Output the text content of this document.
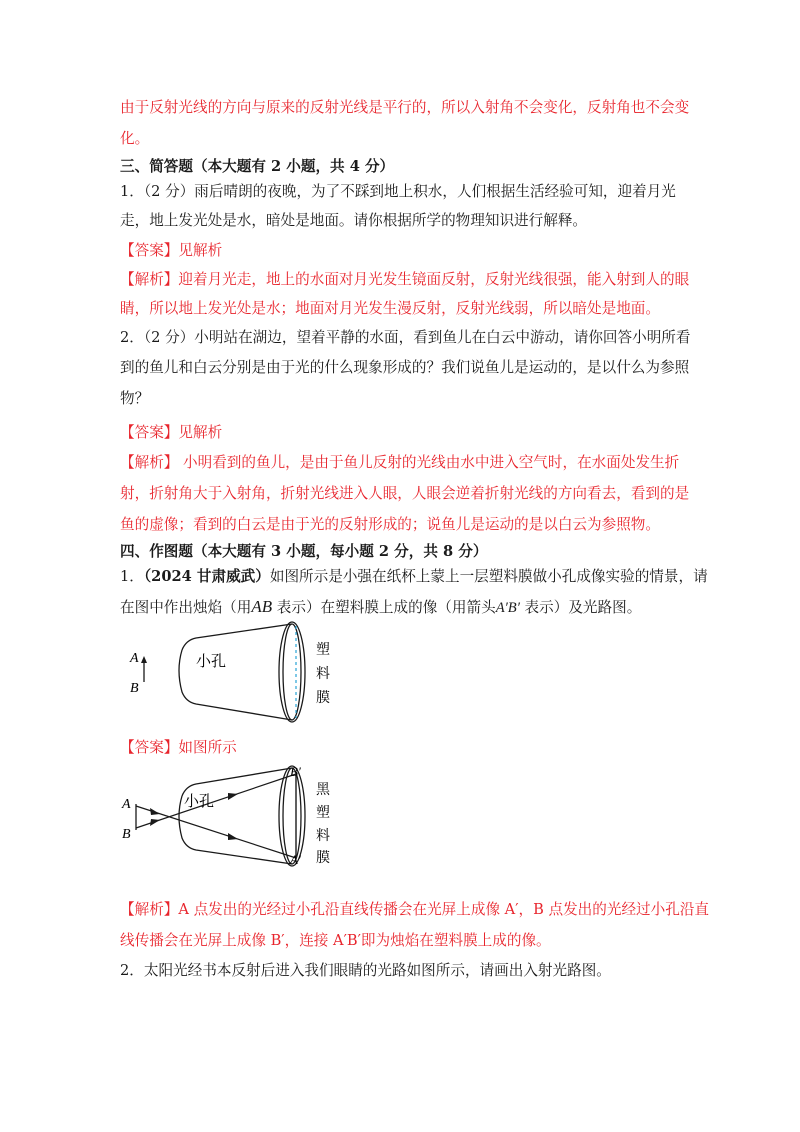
由于反射光线的方向与原来的反射光线是平行的，所以入射角不会变化，反射角也不会变
化。
三、简答题（本大题有 2 小题，共 4 分）
1．（2 分）雨后晴朗的夜晚，为了不踩到地上积水，人们根据生活经验可知，迎着月光
走，地上发光处是水，暗处是地面。请你根据所学的物理知识进行解释。
【答案】见解析
【解析】迎着月光走，地上的水面对月光发生镜面反射，反射光线很强，能入射到人的眼
睛，所以地上发光处是水；地面对月光发生漫反射，反射光线弱，所以暗处是地面。
2．（2 分）小明站在湖边，望着平静的水面，看到鱼儿在白云中游动，请你回答小明所看
到的鱼儿和白云分别是由于光的什么现象形成的？我们说鱼儿是运动的，是以什么为参照
物？
【答案】见解析
【解析】 小明看到的鱼儿，是由于鱼儿反射的光线由水中进入空气时，在水面处发生折
射，折射角大于入射角，折射光线进入人眼，人眼会逆着折射光线的方向看去，看到的是
鱼的虚像；看到的白云是由于光的反射形成的；说鱼儿是运动的是以白云为参照物。
四、作图题（本大题有 3 小题，每小题 2 分，共 8 分）
1．（2024 甘肃威武）如图所示是小强在纸杯上蒙上一层塑料膜做小孔成像实验的情景，请
在图中作出烛焰（用AB 表示）在塑料膜上成的像（用箭头A′B′ 表示）及光路图。
A
B
小孔
塑
料
膜
【答案】如图所示
A
B
小孔
B′
A′
黑
塑
料
膜
【解析】A 点发出的光经过小孔沿直线传播会在光屏上成像 A′，B 点发出的光经过小孔沿直
线传播会在光屏上成像 B′，连接 A′B′即为烛焰在塑料膜上成的像。
2．太阳光经书本反射后进入我们眼睛的光路如图所示，请画出入射光路图。
